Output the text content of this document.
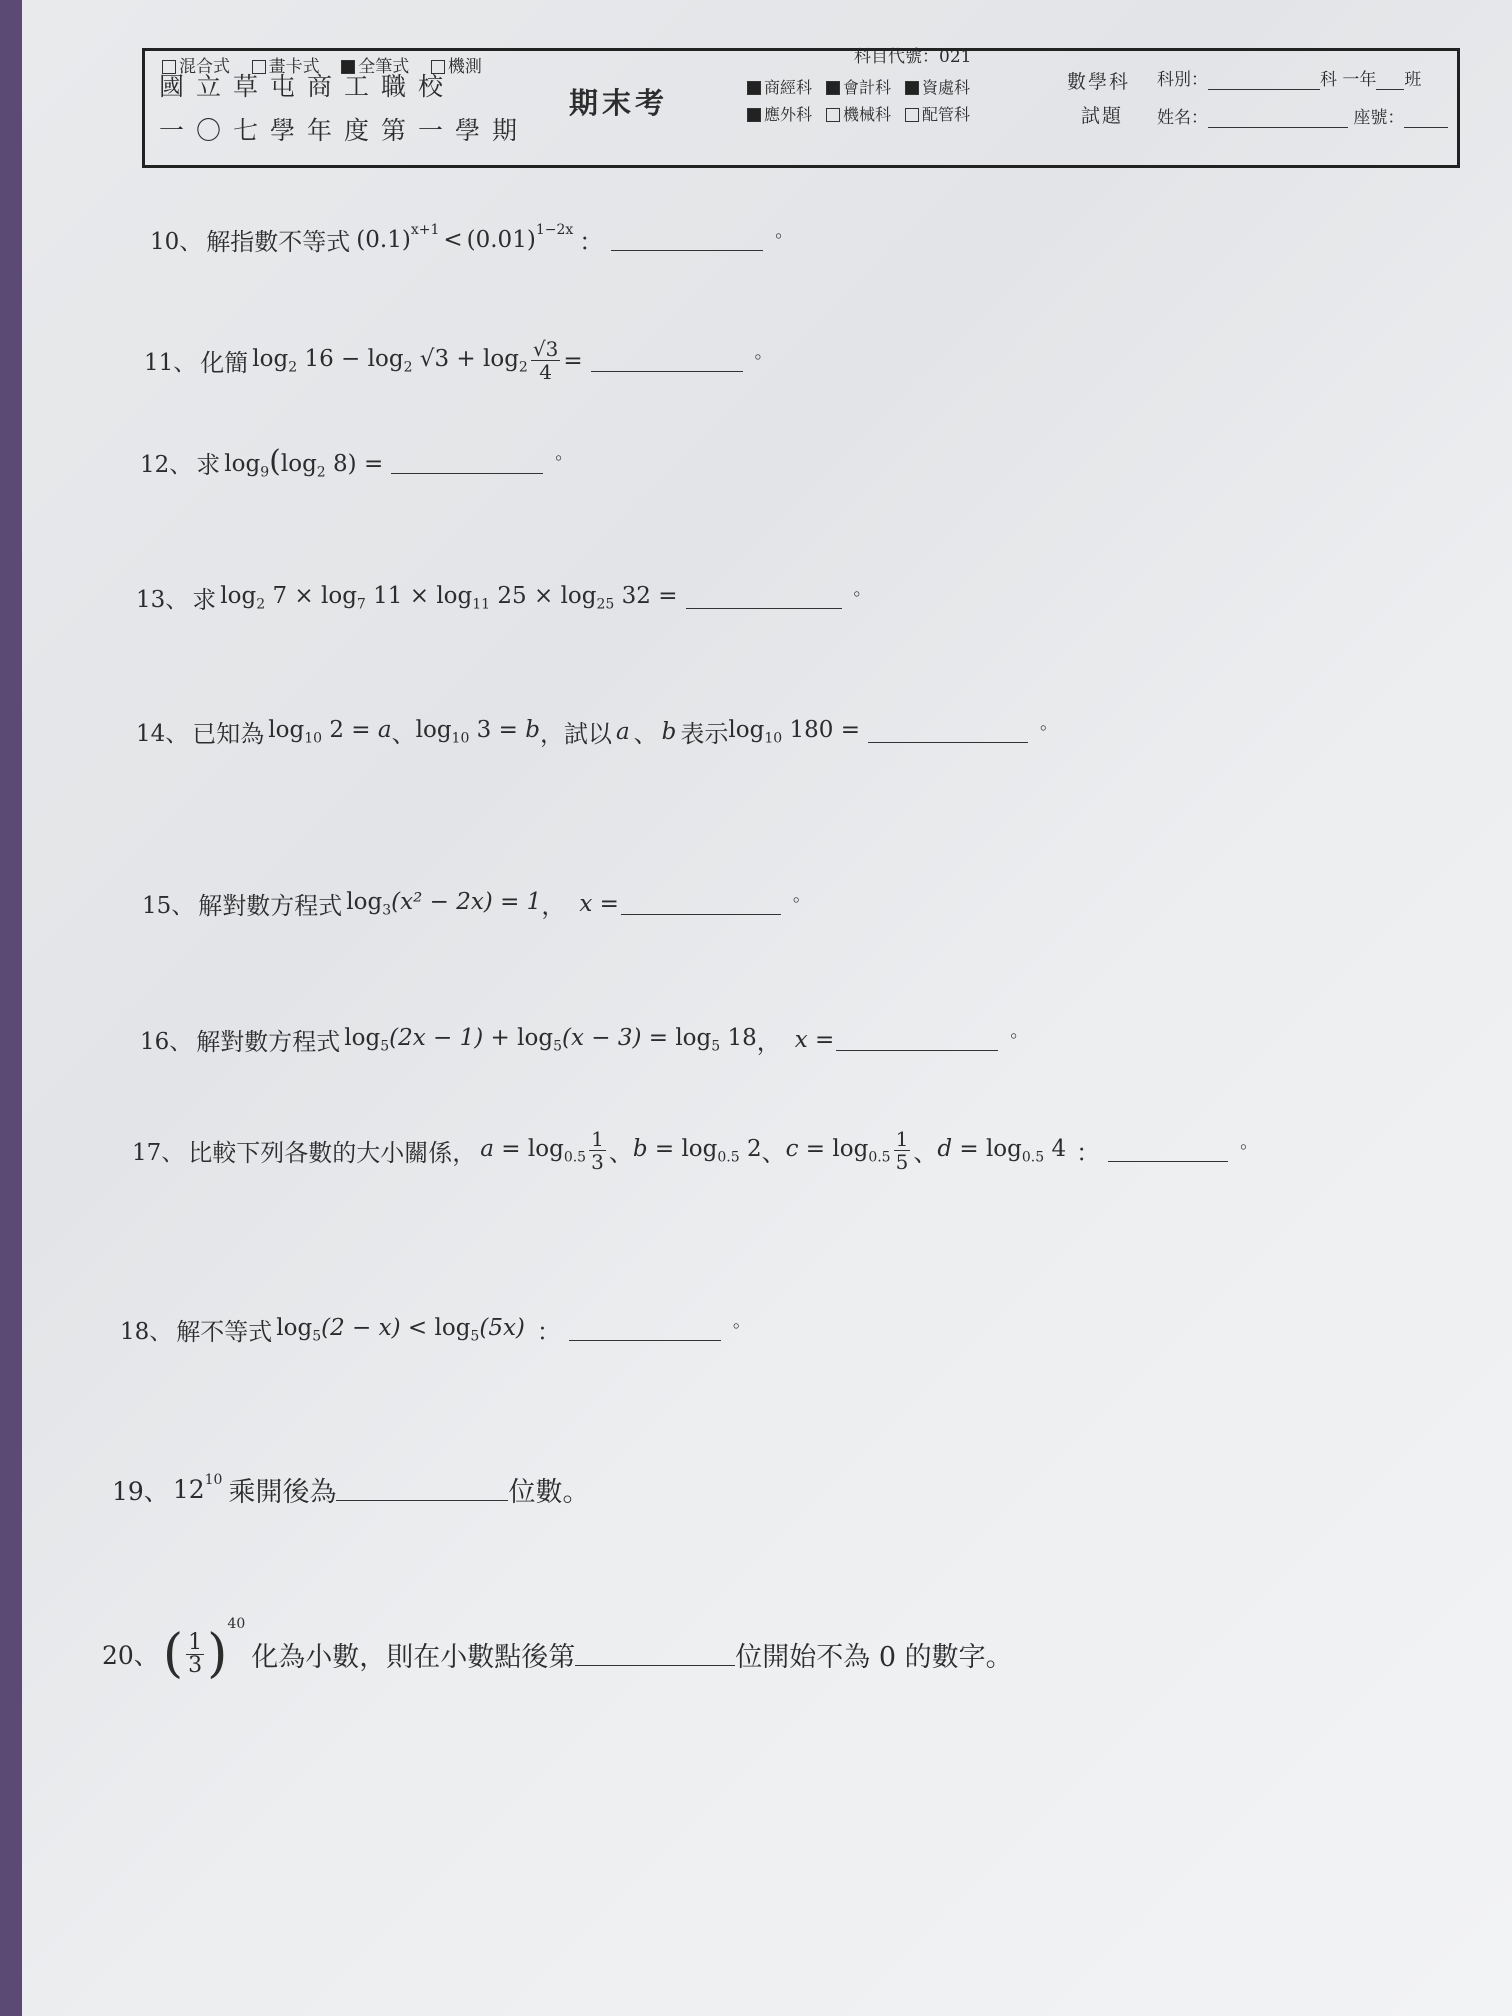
混合式 畫卡式 全筆式 機測	科目代號：021
國立草屯商工職校
一〇七學年度第一學期
期末考	商經科	會計科	資處科
應外科	機械科	配管科
數學科
試題
科別：	科 一年 班
姓名：	座號：
10、 解指數不等式 $(0.1)^{x+1} < (0.01)^{1-2x}$ ：	。
11、 化簡 $\log_2 16 - \log_2 √3 + \log_2 \frac{√3}{4}$ =	。
12、 求 $\log_9(\log_2$ 8) =	。
13、 求 $\log_2 7 \times \log_7 11 \times \log_{11} 25 \times \log_{25} 32$ =	。
14、 已知為 $\log_{10} 2 = a$ 、 $\log_{10} 3 = b$ ，試以 a 、 b 表示 $\log_{10} 180$ =	。
15、 解對數方程式 $\log_3(x^2 - 2x) = 1$ ， x =	。
16、 解對數方程式 $\log_5(2x - 1) + \log_5(x - 3) = \log_5 18$ ， x =	。
17、 比較下列各數的大小關係， $a = \log_{0.5} \frac{1}{3}$ 、 $b = \log_{0.5} 2$ 、 $c = \log_{0.5} \frac{1}{5}$ 、 $d = \log_{0.5} 4$ ：	。
18、 解不等式 $\log_5(2 - x) < \log_5(5x)$ ：	。
19、 $12^{10}$ 乘開後為	位數。
20、 ( $\frac{1}{3} )^{40}$
化為小數，則在小數點後第	位開始不為 0 的數字。
